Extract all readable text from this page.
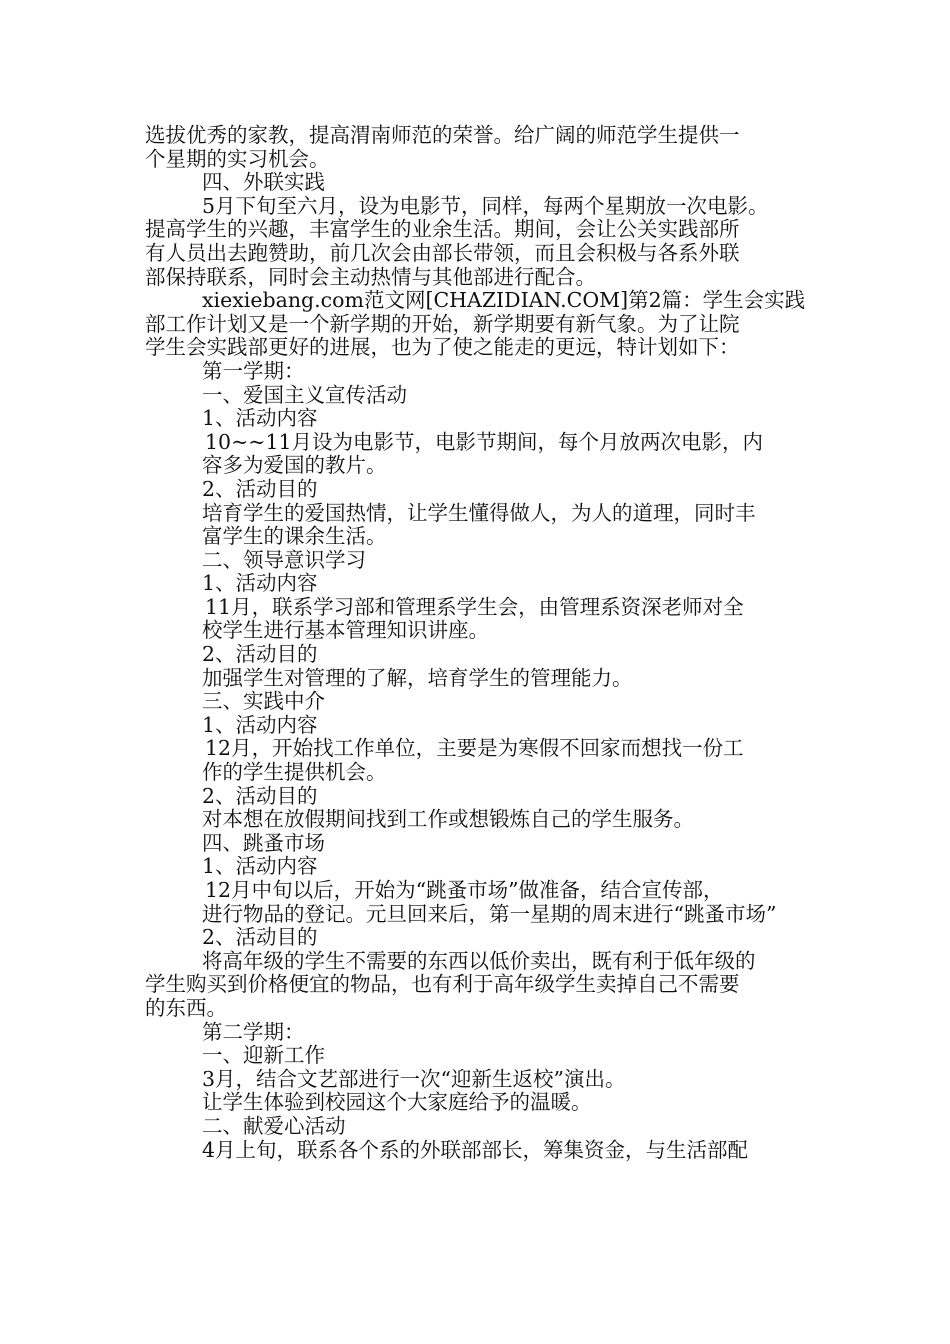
选拔优秀的家教，提高渭南师范的荣誉。给广阔的师范学生提供一
个星期的实习机会。
四、外联实践
5月下旬至六月，设为电影节，同样，每两个星期放一次电影。
提高学生的兴趣，丰富学生的业余生活。期间，会让公关实践部所
有人员出去跑赞助，前几次会由部长带领，而且会积极与各系外联
部保持联系，同时会主动热情与其他部进行配合。
xiexiebang.com范文网[CHAZIDIAN.COM]第2篇：学生会实践
部工作计划又是一个新学期的开始，新学期要有新气象。为了让院
学生会实践部更好的进展，也为了使之能走的更远，特计划如下：
第一学期：
一、爱国主义宣传活动
1、活动内容
10~~11月设为电影节，电影节期间，每个月放两次电影，内
容多为爱国的教片。
2、活动目的
培育学生的爱国热情，让学生懂得做人，为人的道理，同时丰
富学生的课余生活。
二、领导意识学习
1、活动内容
11月，联系学习部和管理系学生会，由管理系资深老师对全
校学生进行基本管理知识讲座。
2、活动目的
加强学生对管理的了解，培育学生的管理能力。
三、实践中介
1、活动内容
12月，开始找工作单位，主要是为寒假不回家而想找一份工
作的学生提供机会。
2、活动目的
对本想在放假期间找到工作或想锻炼自己的学生服务。
四、跳蚤市场
1、活动内容
12月中旬以后，开始为“跳蚤市场”做准备，结合宣传部，
进行物品的登记。元旦回来后，第一星期的周末进行“跳蚤市场”
2、活动目的
将高年级的学生不需要的东西以低价卖出，既有利于低年级的
学生购买到价格便宜的物品，也有利于高年级学生卖掉自己不需要
的东西。
第二学期：
一、迎新工作
3月，结合文艺部进行一次“迎新生返校”演出。
让学生体验到校园这个大家庭给予的温暖。
二、献爱心活动
4月上旬，联系各个系的外联部部长，筹集资金，与生活部配
